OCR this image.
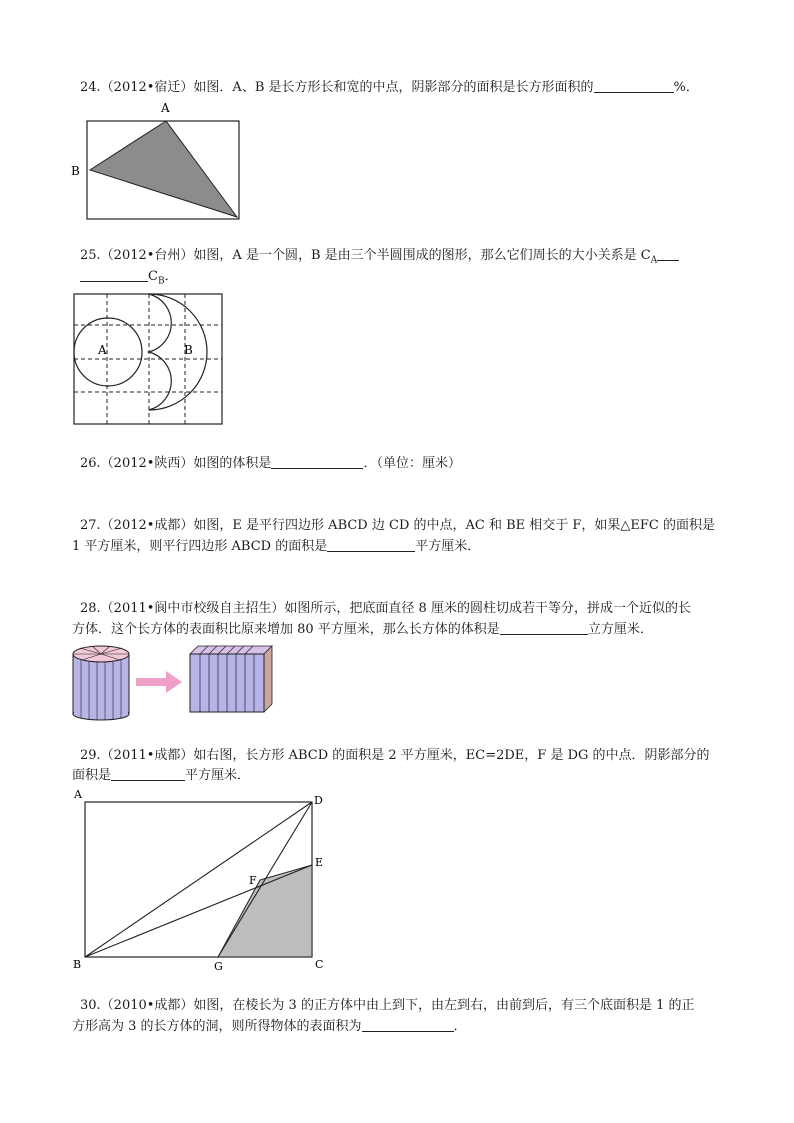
24.（2012•宿迁）如图．A、B 是长方形长和宽的中点，阴影部分的面积是长方形面积的	%．
A
B
25.（2012•台州）如图，A 是一个圆，B 是由三个半圆围成的图形，那么它们周长的大小关系是 $C_A$
$C_B$．
A	B
26.（2012•陕西）如图的体积是	．（单位：厘米）
27.（2012•成都）如图，E 是平行四边形 ABCD 边 CD 的中点，AC 和 BE 相交于 F，如果△EFC 的面积是
1 平方厘米，则平行四边形 ABCD 的面积是	平方厘米．
28.（2011•阆中市校级自主招生）如图所示，把底面直径 8 厘米的圆柱切成若干等分，拼成一个近似的长
方体．这个长方体的表面积比原来增加 80 平方厘米，那么长方体的体积是	立方厘米．
29.（2011•成都）如右图，长方形 ABCD 的面积是 2 平方厘米，EC=2DE，F 是 DG 的中点．阴影部分的
面积是	平方厘米．
A	D
E
F
B	G	C
30.（2010•成都）如图，在棱长为 3 的正方体中由上到下，由左到右，由前到后，有三个底面积是 1 的正
方形高为 3 的长方体的洞，则所得物体的表面积为	．
